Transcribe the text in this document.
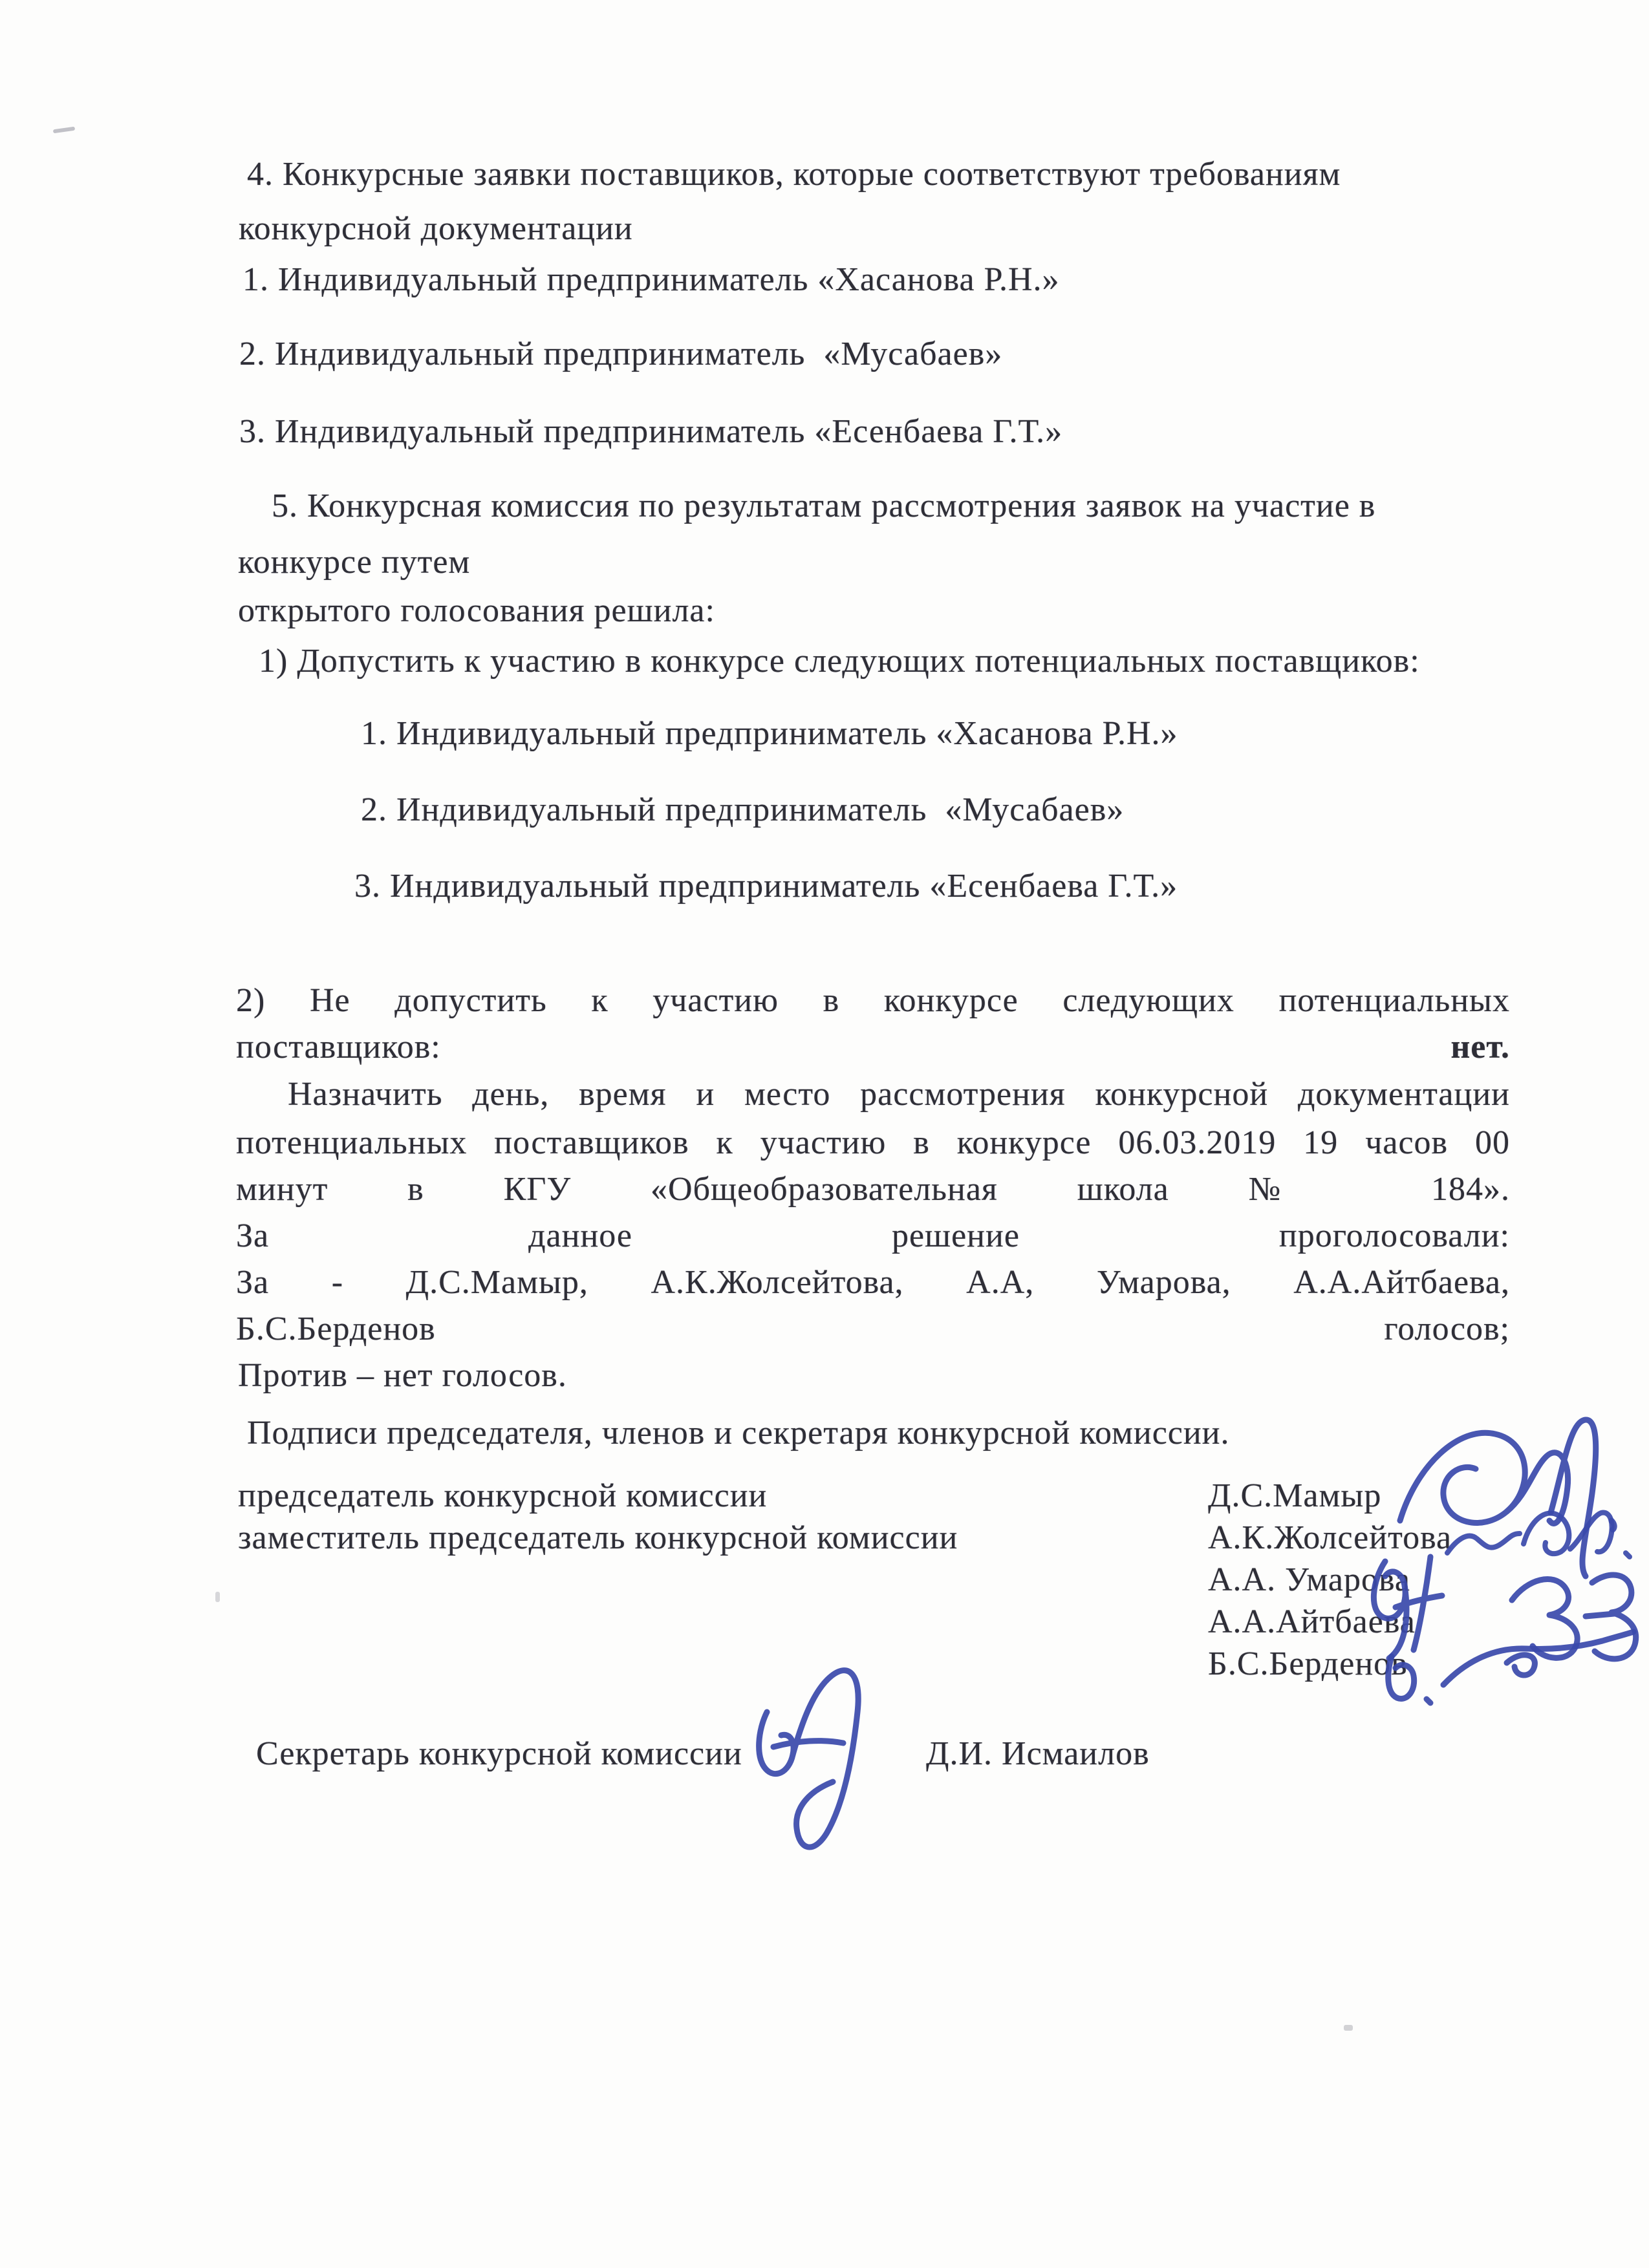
4. Конкурсные заявки поставщиков, которые соответствуют требованиям
конкурсной документации
1. Индивидуальный предприниматель «Хасанова Р.Н.»
2. Индивидуальный предприниматель  «Мусабаев»
3. Индивидуальный предприниматель «Есенбаева Г.Т.»
5. Конкурсная комиссия по результатам рассмотрения заявок на участие в
конкурсе путем
открытого голосования решила:
1) Допустить к участию в конкурсе следующих потенциальных поставщиков:
1. Индивидуальный предприниматель «Хасанова Р.Н.»
2. Индивидуальный предприниматель  «Мусабаев»
3. Индивидуальный предприниматель «Есенбаева Г.Т.»
2) Не допустить к участию в конкурсе следующих потенциальных
поставщиков:	нет.
Назначить день, время и место рассмотрения конкурсной документации
потенциальных поставщиков к участию в конкурсе 06.03.2019 19 часов 00
минут в КГУ «Общеобразовательная школа № 184».
За данное решение проголосовали:
За - Д.С.Мамыр, А.К.Жолсейтова, А.А, Умарова, А.А.Айтбаева,
Б.С.Берденов	голосов;
Против – нет голосов.
Подписи председателя, членов и секретаря конкурсной комиссии.
председатель конкурсной комиссии	Д.С.Мамыр
заместитель председатель конкурсной комиссии	А.К.Жолсейтова
А.А. Умарова
А.А.Айтбаева
Б.С.Берденов
Секретарь конкурсной комиссии	Д.И. Исмаилов
